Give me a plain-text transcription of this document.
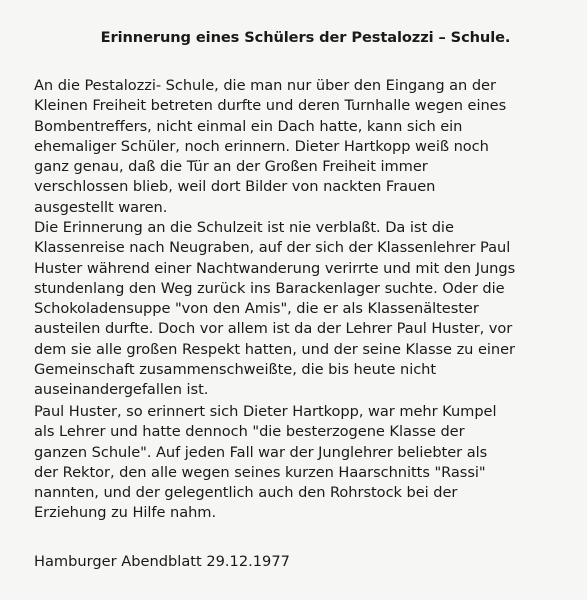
Erinnerung eines Schülers der Pestalozzi – Schule.

An die Pestalozzi- Schule, die man nur über den Eingang an der
Kleinen Freiheit betreten durfte und deren Turnhalle wegen eines
Bombentreffers, nicht einmal ein Dach hatte, kann sich ein
ehemaliger Schüler, noch erinnern. Dieter Hartkopp weiß noch
ganz genau, daß die Tür an der Großen Freiheit immer
verschlossen blieb, weil dort Bilder von nackten Frauen
ausgestellt waren.

Die Erinnerung an die Schulzeit ist nie verblaßt. Da ist die
Klassenreise nach Neugraben, auf der sich der Klassenlehrer Paul
Huster während einer Nachtwanderung verirrte und mit den Jungs
stundenlang den Weg zurück ins Barackenlager suchte. Oder die
Schokoladensuppe "von den Amis", die er als Klassenältester
austeilen durfte. Doch vor allem ist da der Lehrer Paul Huster, vor
dem sie alle großen Respekt hatten, und der seine Klasse zu einer
Gemeinschaft zusammenschweißte, die bis heute nicht
auseinandergefallen ist.

Paul Huster, so erinnert sich Dieter Hartkopp, war mehr Kumpel
als Lehrer und hatte dennoch "die besterzogene Klasse der
ganzen Schule". Auf jeden Fall war der Junglehrer beliebter als
der Rektor, den alle wegen seines kurzen Haarschnitts "Rassi"
nannten, und der gelegentlich auch den Rohrstock bei der
Erziehung zu Hilfe nahm.

Hamburger Abendblatt 29.12.1977
